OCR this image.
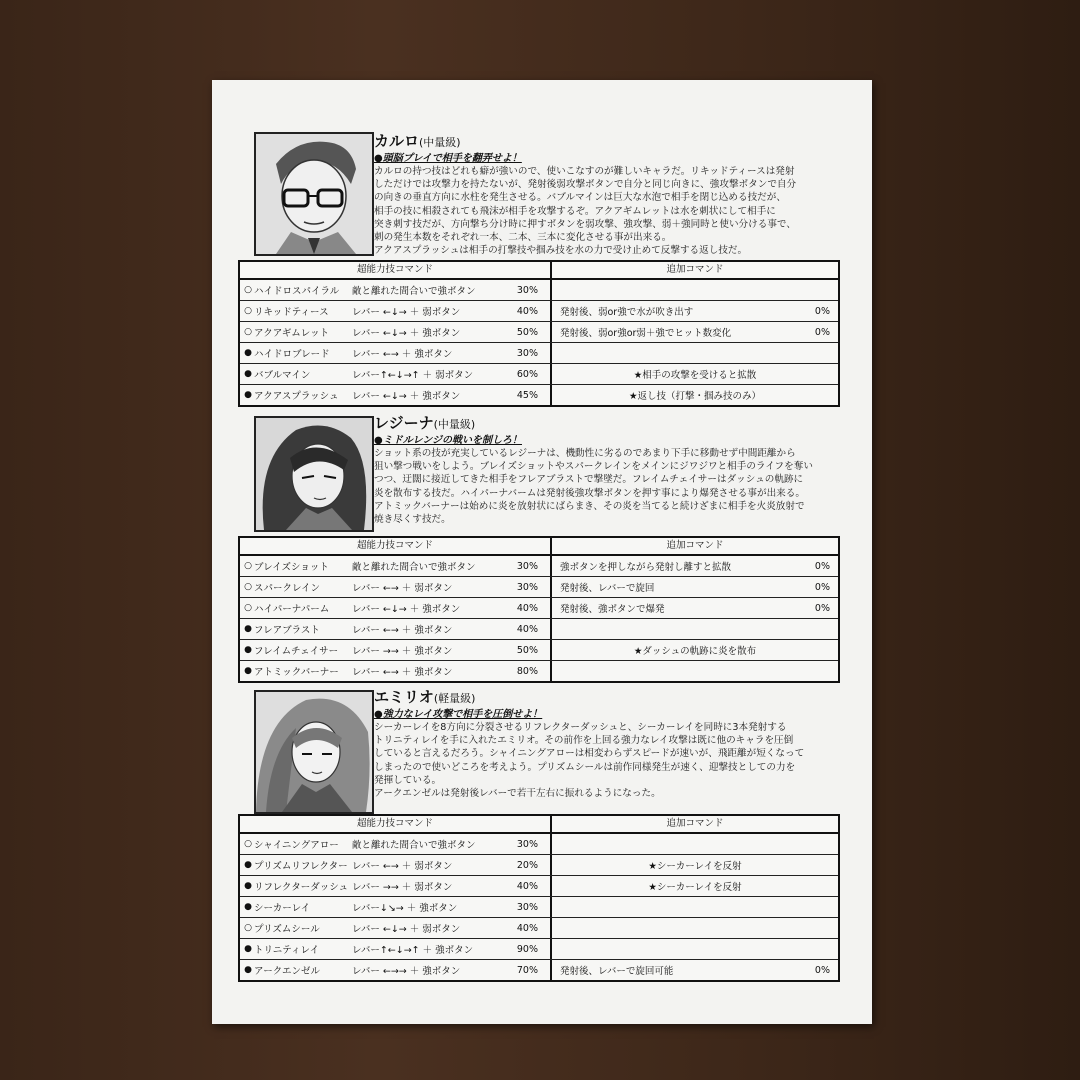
カルロ(中量級)
●頭脳プレイで相手を翻弄せよ！
カルロの持つ技はどれも癖が強いので、使いこなすのが難しいキャラだ。リキッドティースは発射
しただけでは攻撃力を持たないが、発射後弱攻撃ボタンで自分と同じ向きに、強攻撃ボタンで自分
の向きの垂直方向に水柱を発生させる。バブルマインは巨大な水泡で相手を閉じ込める技だが、
相手の技に相殺されても飛沫が相手を攻撃するぞ。アクアギムレットは水を刺状にして相手に
突き刺す技だが、方向撃ち分け時に押すボタンを弱攻撃、強攻撃、弱＋強同時と使い分ける事で、
刺の発生本数をそれぞれ一本、二本、三本に変化させる事が出来る。
アクアスプラッシュは相手の打撃技や掴み技を水の力で受け止めて反撃する返し技だ。
超能力技コマンド	追加コマンド
○ ハイドロスパイラル	敵と離れた間合いで強ボタン	30%
○ リキッドティース	レバー ←↓→ ＋ 弱ボタン	40%	発射後、弱or強で水が吹き出す	0%
○ アクアギムレット	レバー ←↓→ ＋ 強ボタン	50%	発射後、弱or強or弱＋強でヒット数変化	0%
● ハイドロブレード	レバー ←→ ＋ 強ボタン	30%
● バブルマイン	レバー↑←↓→↑ ＋ 弱ボタン	60%	★相手の攻撃を受けると拡散
● アクアスプラッシュ	レバー ←↓→ ＋ 強ボタン	45%	★返し技（打撃・掴み技のみ）
レジーナ(中量級)
●ミドルレンジの戦いを制しろ！
ショット系の技が充実しているレジーナは、機動性に劣るのであまり下手に移動せず中間距離から
狙い撃つ戦いをしよう。ブレイズショットやスパークレインをメインにジワジワと相手のライフを奪い
つつ、迂闊に接近してきた相手をフレアブラストで撃墜だ。フレイムチェイサーはダッシュの軌跡に
炎を散布する技だ。ハイパーナバームは発射後強攻撃ボタンを押す事により爆発させる事が出来る。
アトミックバーナーは始めに炎を放射状にばらまき、その炎を当てると続けざまに相手を火炎放射で
焼き尽くす技だ。
超能力技コマンド	追加コマンド
○ ブレイズショット	敵と離れた間合いで強ボタン	30%	強ボタンを押しながら発射し離すと拡散	0%
○ スパークレイン	レバー ←→ ＋ 弱ボタン	30%	発射後、レバーで旋回	0%
○ ハイパーナパーム	レバー ←↓→ ＋ 強ボタン	40%	発射後、強ボタンで爆発	0%
● フレアブラスト	レバー ←→ ＋ 強ボタン	40%
● フレイムチェイサー	レバー →→ ＋ 強ボタン	50%	★ダッシュの軌跡に炎を散布
● アトミックバーナー	レバー ←→ ＋ 強ボタン	80%
エミリオ(軽量級)
●強力なレイ攻撃で相手を圧倒せよ！
シーカーレイを8方向に分裂させるリフレクターダッシュと、シーカーレイを同時に3本発射する
トリニティレイを手に入れたエミリオ。その前作を上回る強力なレイ攻撃は既に他のキャラを圧倒
していると言えるだろう。シャイニングアローは相変わらずスピードが速いが、飛距離が短くなって
しまったので使いどころを考えよう。プリズムシールは前作同様発生が速く、迎撃技としての力を
発揮している。
アークエンゼルは発射後レバーで若干左右に振れるようになった。
超能力技コマンド	追加コマンド
○ シャイニングアロー	敵と離れた間合いで強ボタン	30%
● プリズムリフレクター レバー ←→ ＋ 弱ボタン	20%	★シーカーレイを反射
● リフレクターダッシュ レバー →→ ＋ 弱ボタン	40%	★シーカーレイを反射
● シーカーレイ	レバー↓↘→ ＋ 強ボタン	30%
○ プリズムシール	レバー ←↓→ ＋ 弱ボタン	40%
● トリニティレイ	レバー↑←↓→↑ ＋ 強ボタン	90%
● アークエンゼル	レバー ←→→ ＋ 強ボタン	70%	発射後、レバーで旋回可能	0%
